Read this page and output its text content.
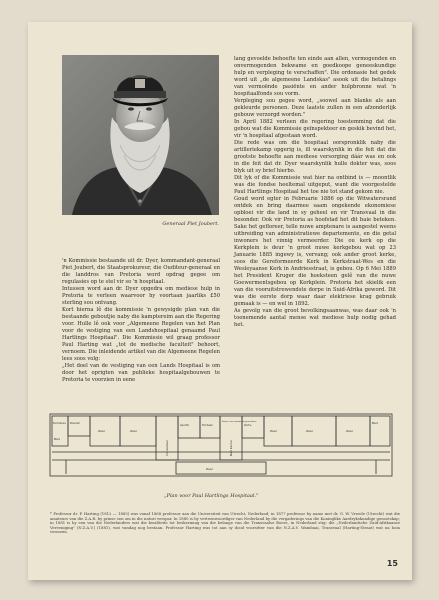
Generaal Piet Joubert.

'n Kommissie bestaande uit dr. Dyer, kommandant-generaal Piet Joubert, die Staatsprokureur, die Ouditeur-generaal en die landdros van Pretoria word opdrag gegee om regulasies op te stel vir so 'n hospitaal.

Intussen word aan dr. Dyer opgedra om mediese hulp in Pretoria te verleen waarvoor hy voortaan jaarliks £50 sterling sou ontvang.

Kort hierna lê die kommissie 'n gewysigde plan van die bestaande geboutjie naby die kamptereim aan die Regering voor. Hulle lê ook voor „Algemeene Regelen van het Plan voor de vestiging van een Landshospitaal genaamd Paul Hartlings Hospitaal". Die Kommissie wil graag professor Paul Harting wat „tot de medische faculteit" behoort, vernoem. Die inleidende artikel van die Algemeene Regelen lees soos volg:

„Het doel van de vestiging van een Lands Hospitaal is om door het oprigten van publieke hospitaalgebouwen te Pretoria te voorzien in eene

lang gevoelde behoefte ten einde aan allen, vermogenden en onvermogenden bekwame en goedkoope geneeskundige hulp en verpleging te verschaffen". Die ordonasie het gedek word uit „de algemeene Landskas" asook uit die betalings van vermoënde pasiënte en ander hulpbronne wat 'n hospitaalfonds sou vorm.

Verpleging sou gegee word, „soowel aan blanke als aan gekleurde personen. Deze laatste zullen in een afzonderlijk gebouw verzorgd worden."

In April 1882 verleen die regering toestemming dat die gebou wat die Kommissie geïnspekteer en geskik bevind het, vir 'n hospitaal afgestaan word.

Die rede was om die hospitaal oorspronklik naby die artilleriekamp opgerig is, ill waarskynlik in die feit dat die grootste behoefte aan mediese versorging dáár was en ook in die feit dat dr. Dyer waarskynlik hulle dokter was, soos blyk uit sy brief hierbo.

Dit lyk of die Kommissie wat hier na ontbind is — moontlik was die fondse heeltemal uitgeput, want die voorgestelde Paul Hartlings Hospitaal het toe nie tot stand gekom nie.

Goud word egter in Februarie 1886 op die Witwatersrand ontdek en bring daarmee saam ongekende ekonomiese opbloei vir die land in sy geheel en vir Transvaal in die besonder. Ook vir Pretoria as hoofstad het dit baie beteken. Sake het gefloreer, telle nuwe amptenare is aangestel weens uitbreiding van administratiewe departemente, en die getal inwoners het vinnig vermeerder. Die ou kerk op die Kerkplein is deur 'n groot nuwe kerkgebou wat op 23 Januarie 1885 ingewy is, vervang; ook ander groot kerke, soos die Gereformeerde Kerk in Kerkstraat-Wes en die Wesleyaanse Kerk in Andriesstraat, is gebou. Op 6 Mei 1889 het President Kruger die hoeksteen gelê van die nuwe Goewermentsgebou op Kerkplein. Pretoria het skielik een van die vooruitstrewendste dorpe in Suid-Afrika geword. Dit was die eerste dorp waar daar elektriese krag gebruik gemaak is — en wel in 1892.

As gevolg van die groot bevolkingsaanwas, was daar ook 'n toenemende aantal mense wat mediese hulp nodig gehad het.

Kombuis Dienst
Zaal	Zaal
Apoth.	Portaal	Ontv.
Zaal	Zaal	Zaal
Bad
Bad
Zaal
Consulteer	Bad kamer
Kamer voor inwonend geneesheer
„Plan voor Paul Hartlings Hospitaal."
* Professor dr. P. Harting (1812 — 1885) was vanaf 1868 professor aan die Universiteit van Utrecht, Nederland; in 1877 professor by name met dr. G. W. Vreede (Utrecht) wat die amateurs van die Z.A.R. by prinse sen om in die naturi verspar. In 1880 is hy verteenwoordiger van Nederland by die vergaderings van die Koninglike Aardrykskundige genootskap; in 1881 is hy een van die Nederlanders wat die kwaliteite tot beskerming van die belange van die Transvaalse Boere, in Nederland stig: die „Nederlandsche Zuid-Afrikaanse Vereeniging" (N.Z.A.V.) (1881), wat vandag nog bestaan. Professor Harting was tot aan sy dood voorsitter van die N.Z.A.V. Wambaai, Transvaal (Harting-Straat) wat na hom vernoem.
15
